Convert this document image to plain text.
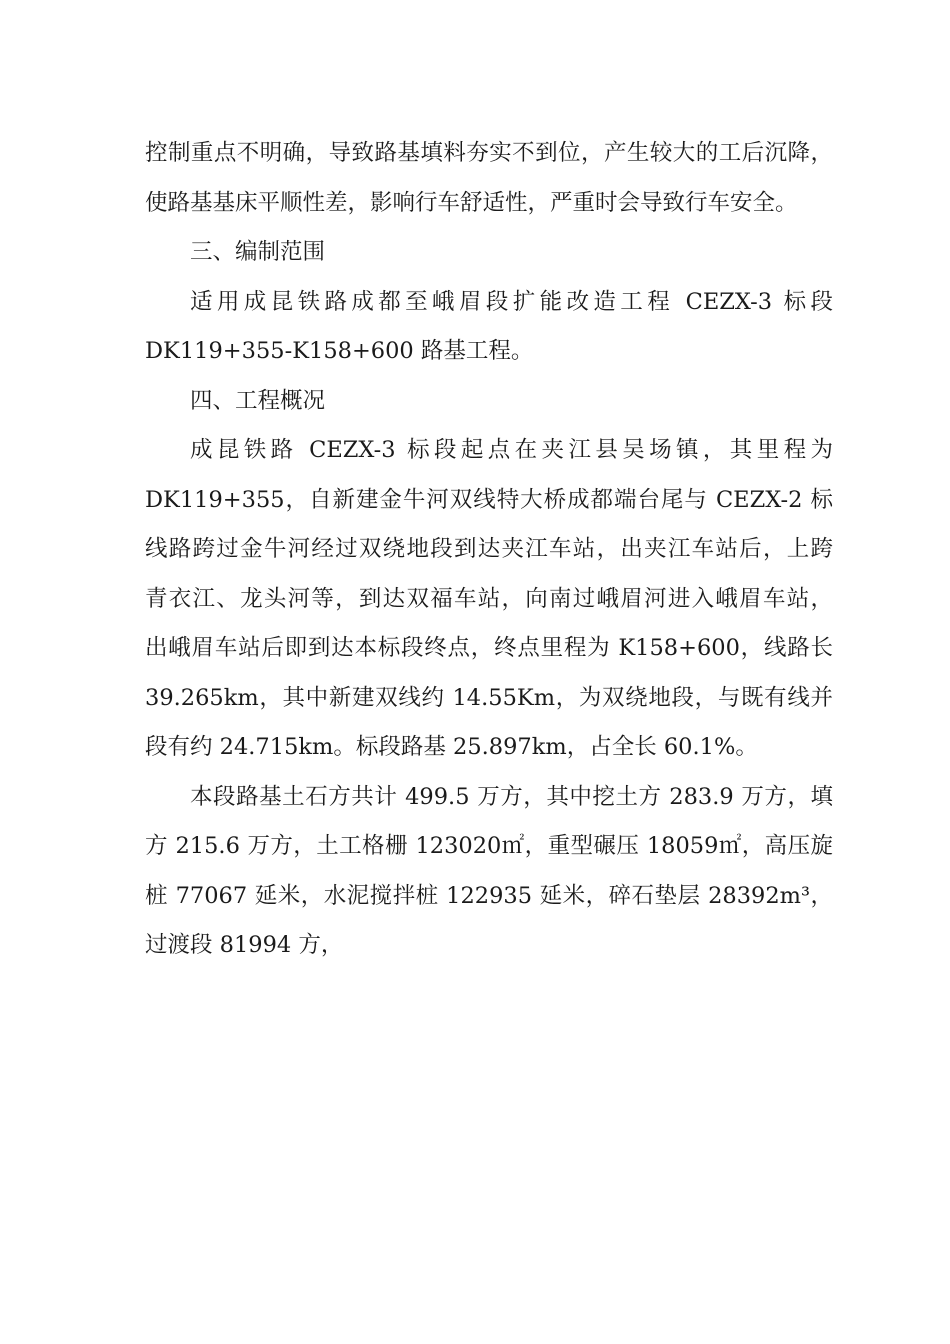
控制重点不明确，导致路基填料夯实不到位，产生较大的工后沉降，
使路基基床平顺性差，影响行车舒适性，严重时会导致行车安全。
三、编制范围
适用成昆铁路成都至峨眉段扩能改造工程 CEZX-3 标段
DK119+355-K158+600 路基工程。
四、工程概况
成昆铁路 CEZX-3 标段起点在夹江县吴场镇，其里程为
DK119+355，自新建金牛河双线特大桥成都端台尾与 CEZX-2 标
线路跨过金牛河经过双绕地段到达夹江车站，出夹江车站后，上跨
青衣江、龙头河等，到达双福车站，向南过峨眉河进入峨眉车站，
出峨眉车站后即到达本标段终点，终点里程为 K158+600，线路长
39.265km，其中新建双线约 14.55Km，为双绕地段，与既有线并
段有约 24.715km。标段路基 25.897km，占全长 60.1%。
本段路基土石方共计 499.5 万方，其中挖土方 283.9 万方，填
方 215.6 万方，土工格栅 123020㎡，重型碾压 18059㎡，高压旋
桩 77067 延米，水泥搅拌桩 122935 延米，碎石垫层 28392m³，
过渡段 81994 方，
